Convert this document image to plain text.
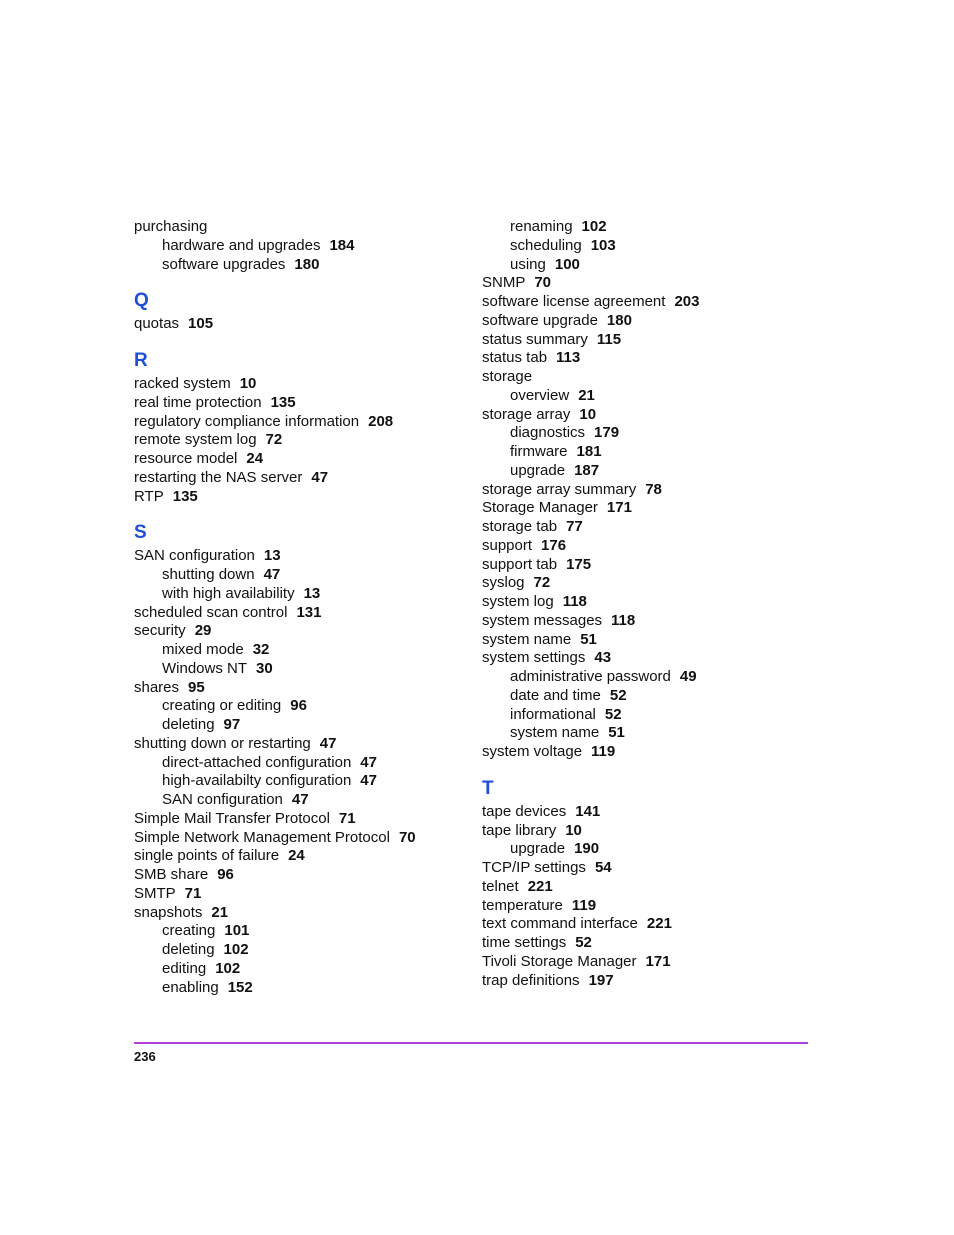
purchasing
hardware and upgrades 184
software upgrades 180
Q
quotas 105
R
racked system 10
real time protection 135
regulatory compliance information 208
remote system log 72
resource model 24
restarting the NAS server 47
RTP 135
S
SAN configuration 13
shutting down 47
with high availability 13
scheduled scan control 131
security 29
mixed mode 32
Windows NT 30
shares 95
creating or editing 96
deleting 97
shutting down or restarting 47
direct-attached configuration 47
high-availabilty configuration 47
SAN configuration 47
Simple Mail Transfer Protocol 71
Simple Network Management Protocol 70
single points of failure 24
SMB share 96
SMTP 71
snapshots 21
creating 101
deleting 102
editing 102
enabling 152
renaming 102
scheduling 103
using 100
SNMP 70
software license agreement 203
software upgrade 180
status summary 115
status tab 113
storage
overview 21
storage array 10
diagnostics 179
firmware 181
upgrade 187
storage array summary 78
Storage Manager 171
storage tab 77
support 176
support tab 175
syslog 72
system log 118
system messages 118
system name 51
system settings 43
administrative password 49
date and time 52
informational 52
system name 51
system voltage 119
T
tape devices 141
tape library 10
upgrade 190
TCP/IP settings 54
telnet 221
temperature 119
text command interface 221
time settings 52
Tivoli Storage Manager 171
trap definitions 197
236
